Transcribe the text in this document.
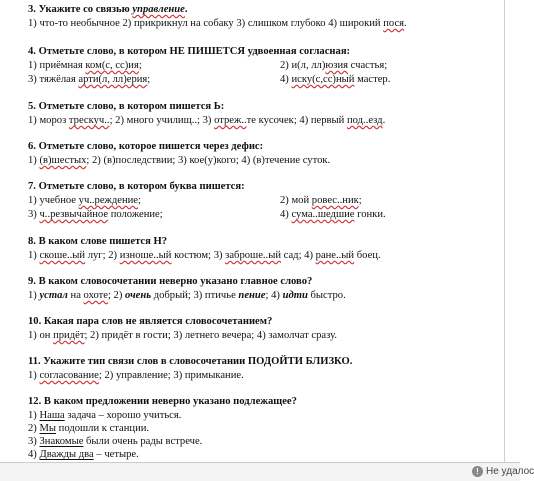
3. Укажите со связью управление.
1) что-то необычное 2) прикрикнул на собаку 3) слишком глубоко 4) широкий пося.
4. Отметьте слово, в котором НЕ ПИШЕТСЯ удвоенная согласная:
1) приёмная ком(с, сс)ия;	2) и(л, лл)юзия счастья;
3) тяжёлая арти(л, лл)ерия;	4) иску(с,сс)ный мастер.
5. Отметьте слово, в котором пишется Ь:
1) мороз трескуч..; 2) много училищ..; 3) отреж..те кусочек; 4) первый под..езд.
6. Отметьте слово, которое пишется через дефис:
1) (в)шестых; 2) (в)последствии; 3) кое(у)кого; 4) (в)течение суток.
7. Отметьте слово, в котором буква пишется:
1) учебное уч..реждение;	2) мой ровес..ник;
3) ч..резвычайное положение;	4) сума..шедшие гонки.
8. В каком слове пишется Н?
1) скоше..ый луг; 2) изноше..ый костюм; 3) заброше..ый сад; 4) ране..ый боец.
9. В каком словосочетании неверно указано главное слово?
1) устал на охоте; 2) очень добрый; 3) птичье пение; 4) идти быстро.
10. Какая пара слов не является словосочетанием?
1) он придёт; 2) придёт в гости; 3) летнего вечера; 4) замолчат сразу.
11. Укажите тип связи слов в словосочетании ПОДОЙТИ БЛИЗКО.
1) согласование; 2) управление; 3) примыкание.
12. В каком предложении неверно указано подлежащее?
1) Наша задача – хорошо учиться.
2) Мы подошли к станции.
3) Знакомые были очень рады встрече.
4) Дважды два – четыре.
! Не удалос
